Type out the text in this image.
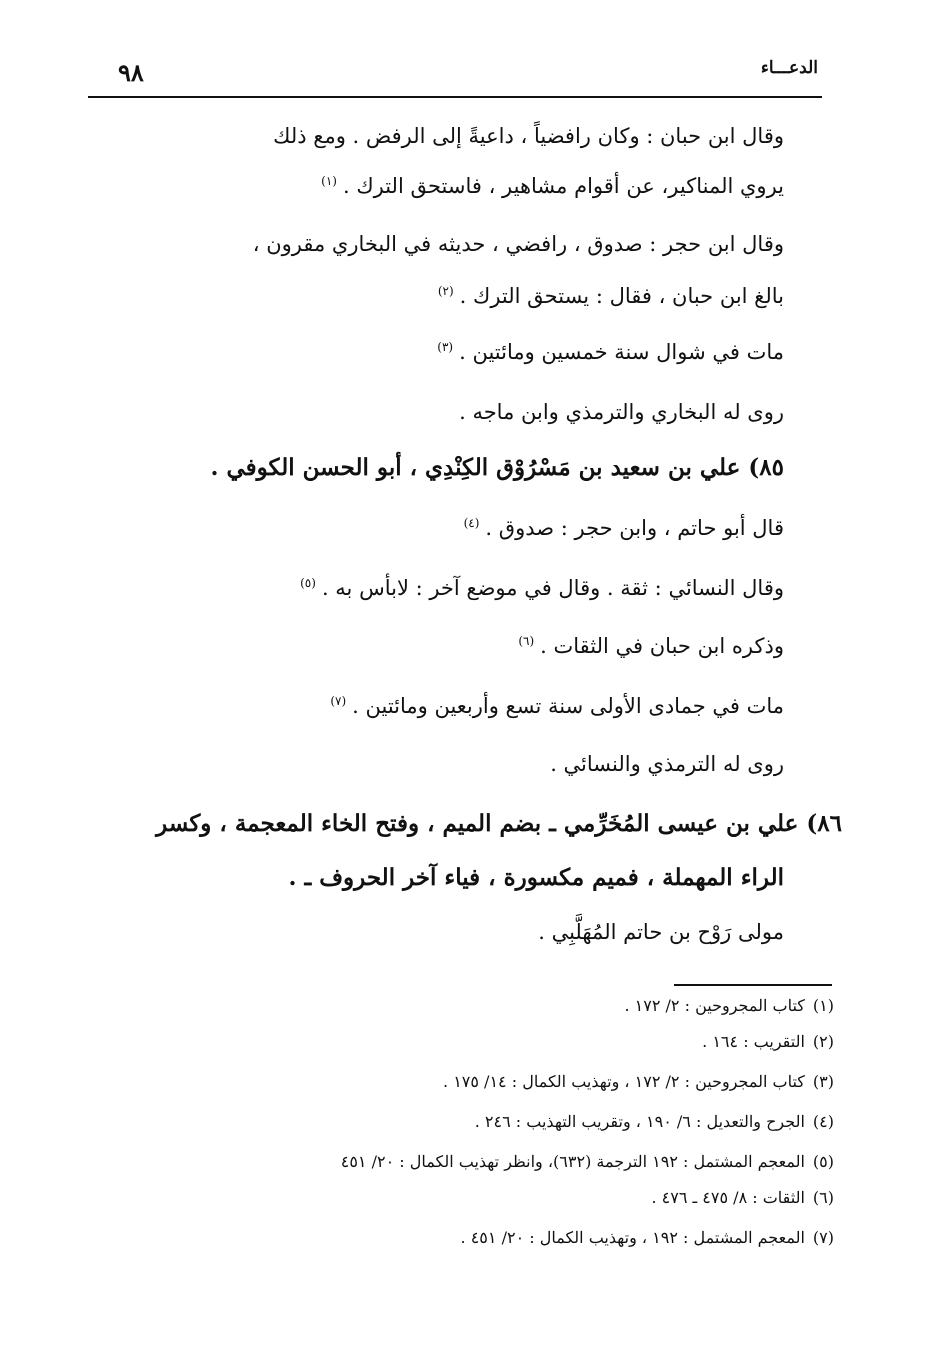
الدعـــاء
٩٨
وقال ابن حبان : وكان رافضياً ، داعيةً إلى الرفض . ومع ذلك
يروي المناكير، عن أقوام مشاهير ، فاستحق الترك .$^{(١)}$
وقال ابن حجر : صدوق ، رافضي ، حديثه في البخاري مقرون ،
بالغ ابن حبان ، فقال : يستحق الترك .$^{(٢)}$
مات في شوال سنة خمسين ومائتين .$^{(٣)}$
روى له البخاري والترمذي وابن ماجه .
٨٥) علي بن سعيد بن مَسْرُوْق الكِنْدِي ، أبو الحسن الكوفي .
قال أبو حاتم ، وابن حجر : صدوق .$^{(٤)}$
وقال النسائي : ثقة . وقال في موضع آخر : لابأس به .$^{(٥)}$
وذكره ابن حبان في الثقات .$^{(٦)}$
مات في جمادى الأولى سنة تسع وأربعين ومائتين .$^{(٧)}$
روى له الترمذي والنسائي .
٨٦) علي بن عيسى المُخَرِّمي ـ بضم الميم ، وفتح الخاء المعجمة ، وكسر
الراء المهملة ، فميم مكسورة ، فياء آخر الحروف ـ .
مولى رَوْح بن حاتم المُهَلَّبِي .
(١)كتاب المجروحين : ٢/ ١٧٢ .
(٢)التقريب : ١٦٤ .
(٣)كتاب المجروحين : ٢/ ١٧٢ ، وتهذيب الكمال : ١٤/ ١٧٥ .
(٤)الجرح والتعديل : ٦/ ١٩٠ ، وتقريب التهذيب : ٢٤٦ .
(٥)المعجم المشتمل : ١٩٢ الترجمة (٦٣٢)، وانظر تهذيب الكمال : ٢٠/ ٤٥١
(٦)الثقات : ٨/ ٤٧٥ ـ ٤٧٦ .
(٧)المعجم المشتمل : ١٩٢ ، وتهذيب الكمال : ٢٠/ ٤٥١ .
